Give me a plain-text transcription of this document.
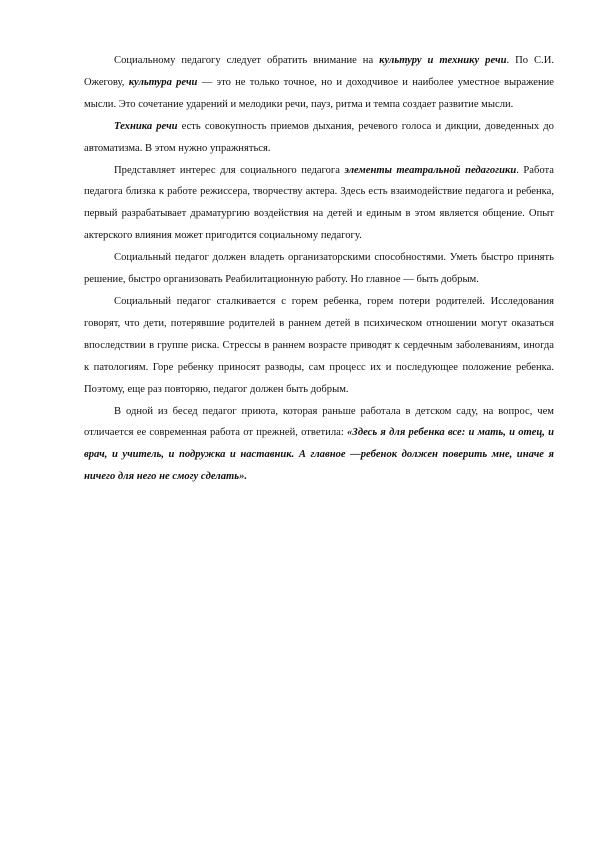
Социальному педагогу следует обратить внимание на культуру и технику речи. По С.И. Ожегову, культура речи — это не только точное, но и доходчивое и наиболее уместное выражение мысли. Это сочетание ударений и мелодики речи, пауз, ритма и темпа создает развитие мысли.

Техника речи есть совокупность приемов дыхания, речевого голоса и дикции, доведенных до автоматизма. В этом нужно упражняться.

Представляет интерес для социального педагога элементы театральной педагогики. Работа педагога близка к работе режиссера, творчеству актера. Здесь есть взаимодействие педагога и ребенка, первый разрабатывает драматургию воздействия на детей и единым в этом является общение. Опыт актерского влияния может пригодится социальному педагогу.

Социальный педагог должен владеть организаторскими способностями. Уметь быстро принять решение, быстро организовать Реабилитационную работу. Но главное — быть добрым.

Социальный педагог сталкивается с горем ребенка, горем потери родителей. Исследования говорят, что дети, потерявшие родителей в раннем детей в психическом отношении могут оказаться впоследствии в группе риска. Стрессы в раннем возрасте приводят к сердечным заболеваниям, иногда к патологиям. Горе ребенку приносят разводы, сам процесс их и последующее положение ребенка. Поэтому, еще раз повторяю, педагог должен быть добрым.

В одной из бесед педагог приюта, которая раньше работала в детском саду, на вопрос, чем отличается ее современная работа от прежней, ответила: «Здесь я для ребенка все: и мать, и отец, и врач, и учитель, и подружка и наставник. А главное —ребенок должен поверить мне, иначе я ничего для него не смогу сделать».
